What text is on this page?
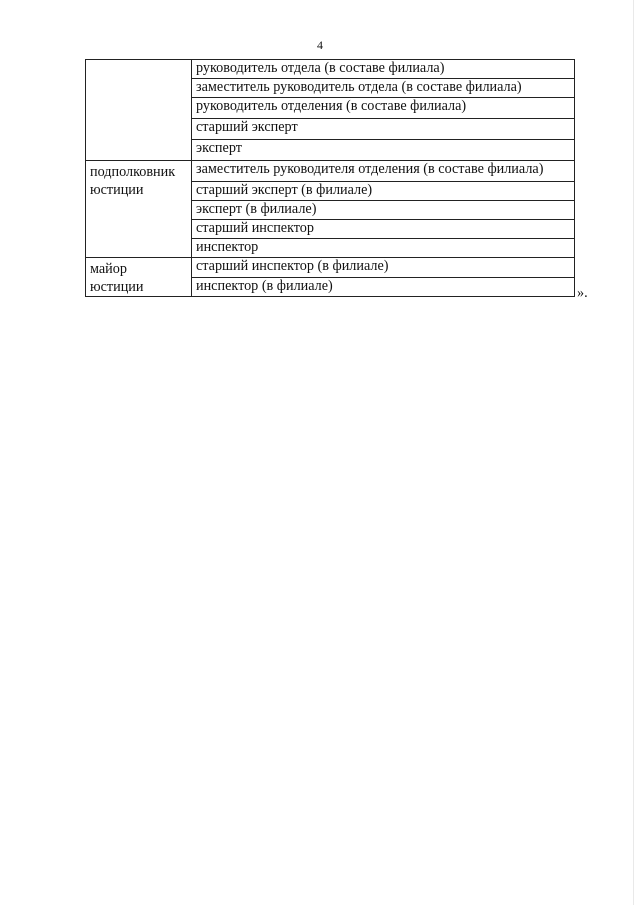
4
	руководитель отдела (в составе филиала)
	заместитель руководитель отдела (в составе филиала)
	руководитель отделения (в составе филиала)
	старший эксперт
	эксперт

подполковник
юстиции	заместитель руководителя отделения (в составе филиала)
	старший эксперт (в филиале)
	эксперт (в филиале)
	старший инспектор
	инспектор

майор
юстиции	старший инспектор (в филиале)
	инспектор (в филиале)	».
